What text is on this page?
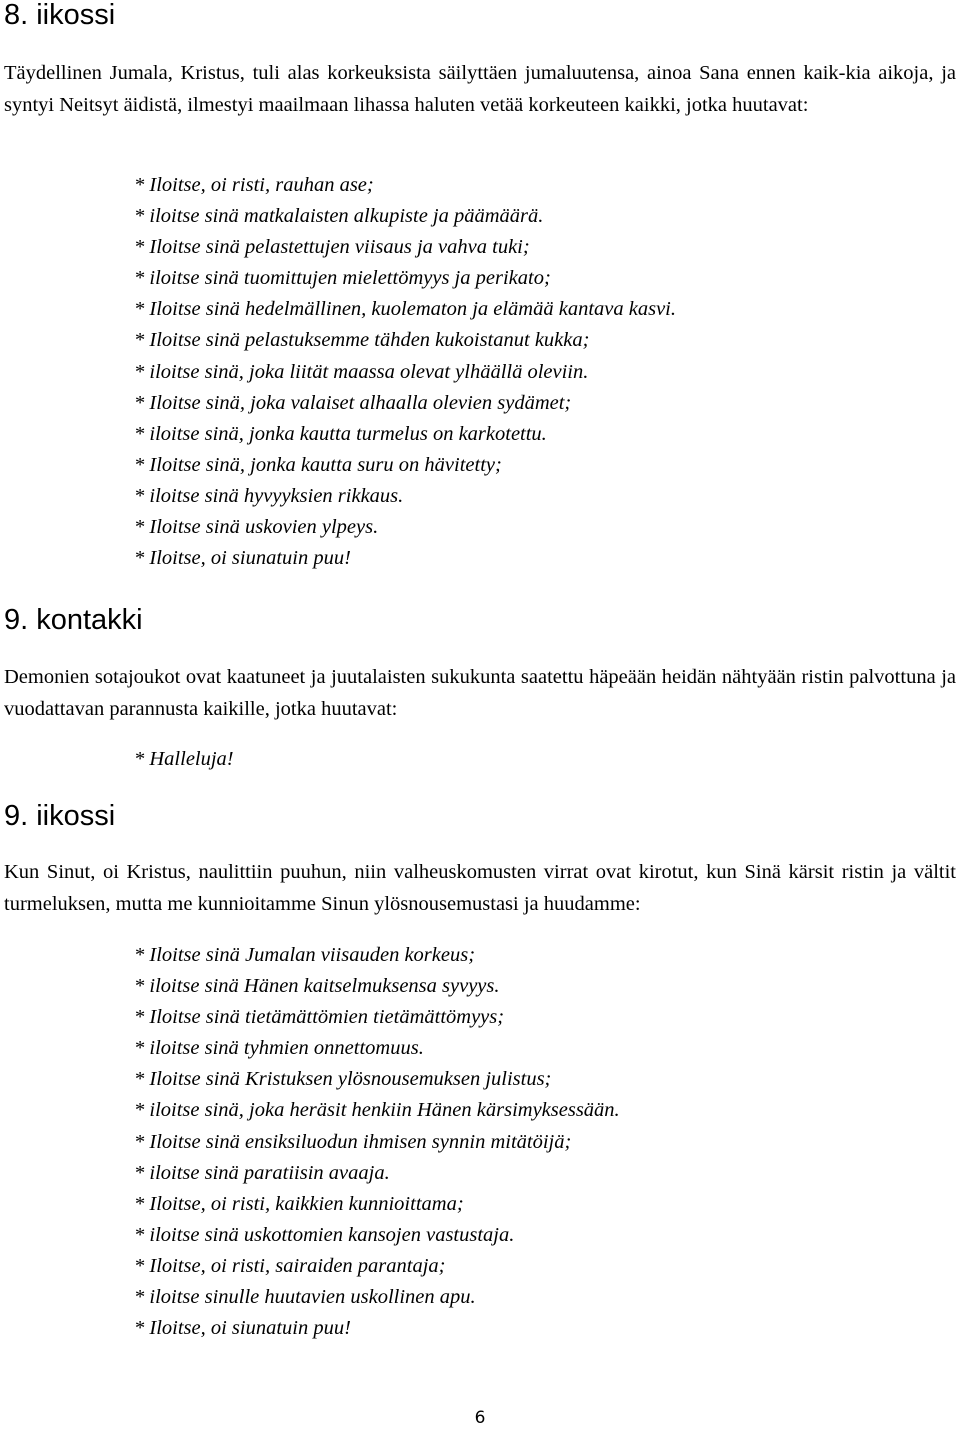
8. iikossi

Täydellinen Jumala, Kristus, tuli alas korkeuksista säilyttäen jumaluutensa, ainoa Sana ennen kaik-kia aikoja, ja syntyi Neitsyt äidistä, ilmestyi maailmaan lihassa haluten vetää korkeuteen kaikki, jotka huutavat:

* Iloitse, oi risti, rauhan ase;
* iloitse sinä matkalaisten alkupiste ja päämäärä.
* Iloitse sinä pelastettujen viisaus ja vahva tuki;
* iloitse sinä tuomittujen mielettömyys ja perikato;
* Iloitse sinä hedelmällinen, kuolematon ja elämää kantava kasvi.
* Iloitse sinä pelastuksemme tähden kukoistanut kukka;
* iloitse sinä, joka liität maassa olevat ylhäällä oleviin.
* Iloitse sinä, joka valaiset alhaalla olevien sydämet;
* iloitse sinä, jonka kautta turmelus on karkotettu.
* Iloitse sinä, jonka kautta suru on hävitetty;
* iloitse sinä hyvyyksien rikkaus.
* Iloitse sinä uskovien ylpeys.
* Iloitse, oi siunatuin puu!
9. kontakki

Demonien sotajoukot ovat kaatuneet ja juutalaisten sukukunta saatettu häpeään heidän nähtyään ristin palvottuna ja vuodattavan parannusta kaikille, jotka huutavat:

* Halleluja!
9. iikossi

Kun Sinut, oi Kristus, naulittiin puuhun, niin valheuskomusten virrat ovat kirotut, kun Sinä kärsit ristin ja vältit turmeluksen, mutta me kunnioitamme Sinun ylösnousemustasi ja huudamme:

* Iloitse sinä Jumalan viisauden korkeus;
* iloitse sinä Hänen kaitselmuksensa syvyys.
* Iloitse sinä tietämättömien tietämättömyys;
* iloitse sinä tyhmien onnettomuus.
* Iloitse sinä Kristuksen ylösnousemuksen julistus;
* iloitse sinä, joka heräsit henkiin Hänen kärsimyksessään.
* Iloitse sinä ensiksiluodun ihmisen synnin mitätöijä;
* iloitse sinä paratiisin avaaja.
* Iloitse, oi risti, kaikkien kunnioittama;
* iloitse sinä uskottomien kansojen vastustaja.
* Iloitse, oi risti, sairaiden parantaja;
* iloitse sinulle huutavien uskollinen apu.
* Iloitse, oi siunatuin puu!
6
